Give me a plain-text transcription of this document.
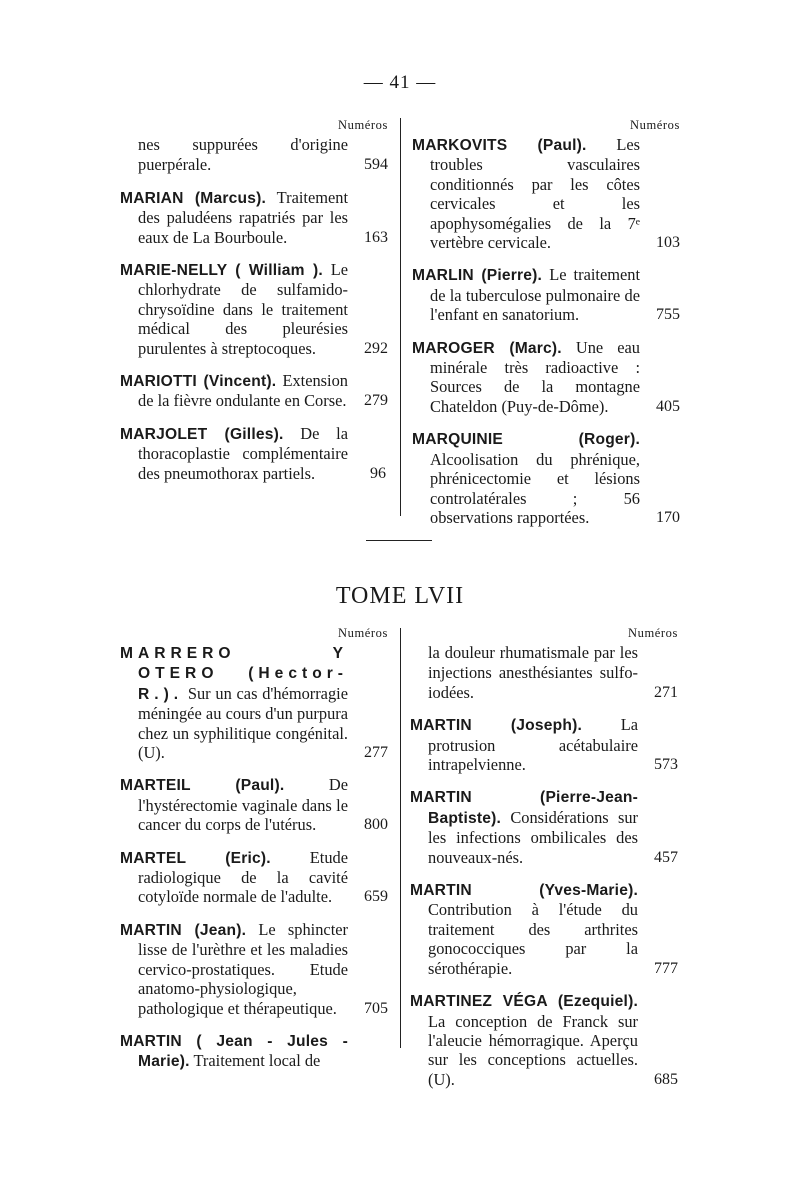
— 41 —
Numéros
nes suppurées d'origine puerpérale.	594
MARIAN (Marcus). Traitement des paludéens rapatriés par les eaux de La Bourboule.	163
MARIE-NELLY ( William ). Le chlorhydrate de sulfamido-chrysoïdine dans le traitement médical des pleurésies purulentes à streptocoques.	292
MARIOTTI (Vincent). Extension de la fièvre ondulante en Corse. 279
MARJOLET (Gilles). De la thoracoplastie complémentaire des pneumothorax partiels.	96
Numéros
MARKOVITS (Paul). Les troubles vasculaires conditionnés par les côtes cervicales et les apophysomégalies de la 7ᵉ vertèbre cervicale.	103
MARLIN (Pierre). Le traitement de la tuberculose pulmonaire de l'enfant en sanatorium.	755
MAROGER (Marc). Une eau minérale très radioactive : Sources de la montagne Chateldon (Puy-de-Dôme).	405
MARQUINIE (Roger). Alcoolisation du phrénique, phrénicectomie et lésions controlatérales ; 56 observations rapportées.	170
TOME LVII
Numéros
MARRERO Y OTERO (Hector-R.). Sur un cas d'hémorragie méningée au cours d'un purpura chez un syphilitique congénital. (U).	277
MARTEIL (Paul).	De l'hystérectomie vaginale dans le cancer du corps de l'utérus.	800
MARTEL (Eric). Etude radiologique de la cavité cotyloïde normale de l'adulte.	659
MARTIN (Jean). Le sphincter lisse de l'urèthre et les maladies cervico-prostatiques. Etude anatomo-physiologique, pathologique et thérapeutique.	705
MARTIN ( Jean - Jules - Marie). Traitement local de
Numéros
la douleur rhumatismale par les injections anesthésiantes sulfo-iodées.	271
MARTIN (Joseph). La protrusion acétabulaire intrapelvienne.	573
MARTIN (Pierre-Jean-Baptiste). Considérations sur les infections ombilicales des nouveaux-nés.	457
MARTIN (Yves-Marie). Contribution à l'étude du traitement des arthrites gonococciques par la sérothérapie.	777
MARTINEZ VÉGA (Ezequiel). La conception de Franck sur l'aleucie hémorragique. Aperçu sur les conceptions actuelles. (U).	685
